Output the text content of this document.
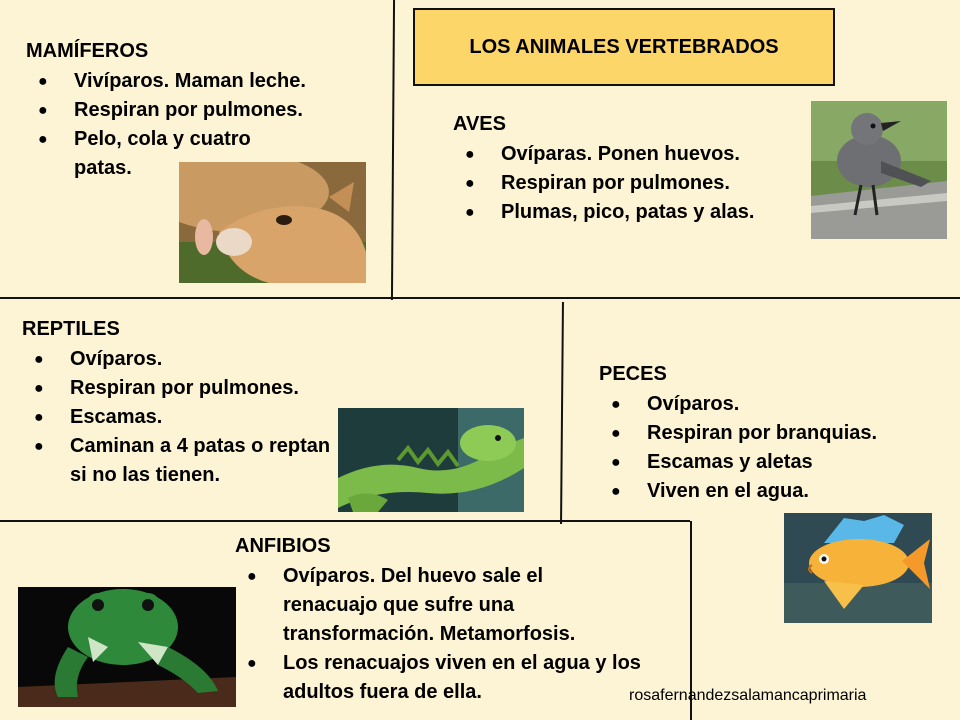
LOS ANIMALES VERTEBRADOS
MAMÍFEROS
● Vivíparos. Maman leche.
● Respiran por pulmones.
● Pelo, cola y cuatro patas.
AVES
● Ovíparas. Ponen huevos.
● Respiran por pulmones.
● Plumas, pico, patas y alas.
REPTILES
● Ovíparos.
● Respiran por pulmones.
● Escamas.
● Caminan a 4 patas o reptan si no las tienen.
PECES
● Ovíparos.
● Respiran por branquias.
● Escamas y aletas
● Viven en el agua.
ANFIBIOS
● Ovíparos. Del huevo sale el renacuajo que sufre una transformación. Metamorfosis.
● Los renacuajos viven en el agua y los adultos fuera de ella.	rosafernandezsalamancaprimaria
